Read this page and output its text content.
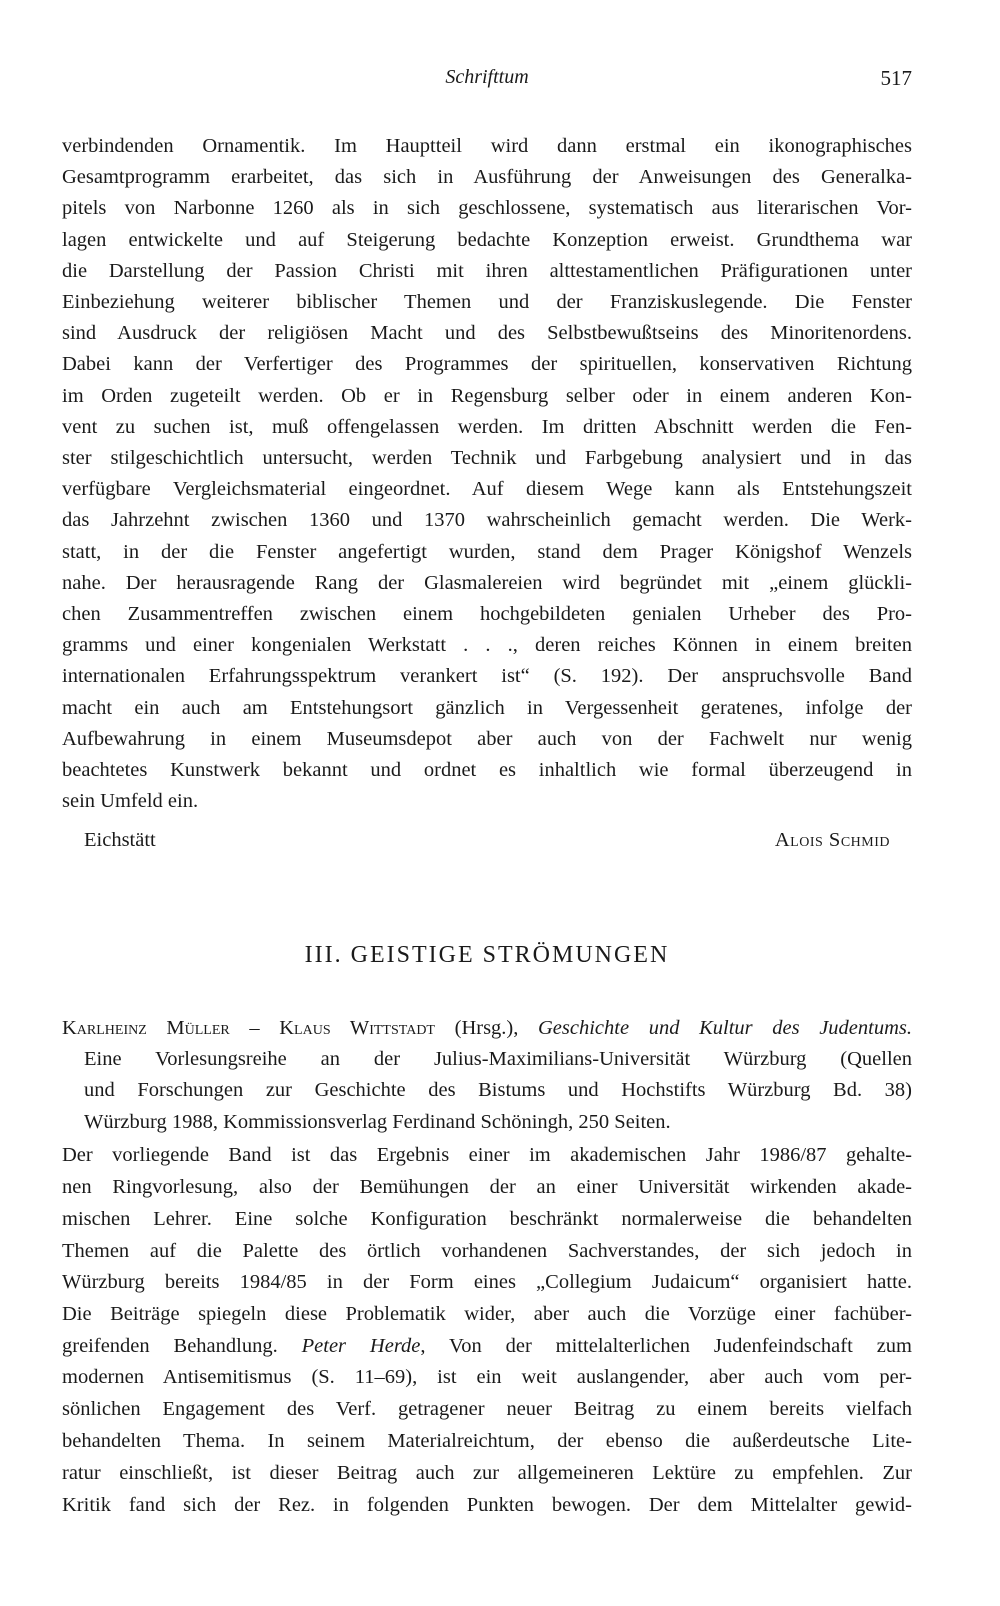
Schrifttum	517
verbindenden Ornamentik. Im Hauptteil wird dann erstmal ein ikonographisches
Gesamtprogramm erarbeitet, das sich in Ausführung der Anweisungen des Generalka-
pitels von Narbonne 1260 als in sich geschlossene, systematisch aus literarischen Vor-
lagen entwickelte und auf Steigerung bedachte Konzeption erweist. Grundthema war
die Darstellung der Passion Christi mit ihren alttestamentlichen Präfigurationen unter
Einbeziehung weiterer biblischer Themen und der Franziskuslegende. Die Fenster
sind Ausdruck der religiösen Macht und des Selbstbewußtseins des Minoritenordens.
Dabei kann der Verfertiger des Programmes der spirituellen, konservativen Richtung
im Orden zugeteilt werden. Ob er in Regensburg selber oder in einem anderen Kon-
vent zu suchen ist, muß offengelassen werden. Im dritten Abschnitt werden die Fen-
ster stilgeschichtlich untersucht, werden Technik und Farbgebung analysiert und in das
verfügbare Vergleichsmaterial eingeordnet. Auf diesem Wege kann als Entstehungszeit
das Jahrzehnt zwischen 1360 und 1370 wahrscheinlich gemacht werden. Die Werk-
statt, in der die Fenster angefertigt wurden, stand dem Prager Königshof Wenzels
nahe. Der herausragende Rang der Glasmalereien wird begründet mit „einem glückli-
chen Zusammentreffen zwischen einem hochgebildeten genialen Urheber des Pro-
gramms und einer kongenialen Werkstatt . . ., deren reiches Können in einem breiten
internationalen Erfahrungsspektrum verankert ist“ (S. 192). Der anspruchsvolle Band
macht ein auch am Entstehungsort gänzlich in Vergessenheit geratenes, infolge der
Aufbewahrung in einem Museumsdepot aber auch von der Fachwelt nur wenig
beachtetes Kunstwerk bekannt und ordnet es inhaltlich wie formal überzeugend in
sein Umfeld ein.
Eichstätt	Alois Schmid
III. GEISTIGE STRÖMUNGEN
Karlheinz Müller – Klaus Wittstadt (Hrsg.), Geschichte und Kultur des Judentums.
Eine Vorlesungsreihe an der Julius-Maximilians-Universität Würzburg (Quellen
und Forschungen zur Geschichte des Bistums und Hochstifts Würzburg Bd. 38)
Würzburg 1988, Kommissionsverlag Ferdinand Schöningh, 250 Seiten.
Der vorliegende Band ist das Ergebnis einer im akademischen Jahr 1986/87 gehalte-
nen Ringvorlesung, also der Bemühungen der an einer Universität wirkenden akade-
mischen Lehrer. Eine solche Konfiguration beschränkt normalerweise die behandelten
Themen auf die Palette des örtlich vorhandenen Sachverstandes, der sich jedoch in
Würzburg bereits 1984/85 in der Form eines „Collegium Judaicum“ organisiert hatte.
Die Beiträge spiegeln diese Problematik wider, aber auch die Vorzüge einer fachüber-
greifenden Behandlung. Peter Herde, Von der mittelalterlichen Judenfeindschaft zum
modernen Antisemitismus (S. 11–69), ist ein weit auslangender, aber auch vom per-
sönlichen Engagement des Verf. getragener neuer Beitrag zu einem bereits vielfach
behandelten Thema. In seinem Materialreichtum, der ebenso die außerdeutsche Lite-
ratur einschließt, ist dieser Beitrag auch zur allgemeineren Lektüre zu empfehlen. Zur
Kritik fand sich der Rez. in folgenden Punkten bewogen. Der dem Mittelalter gewid-
